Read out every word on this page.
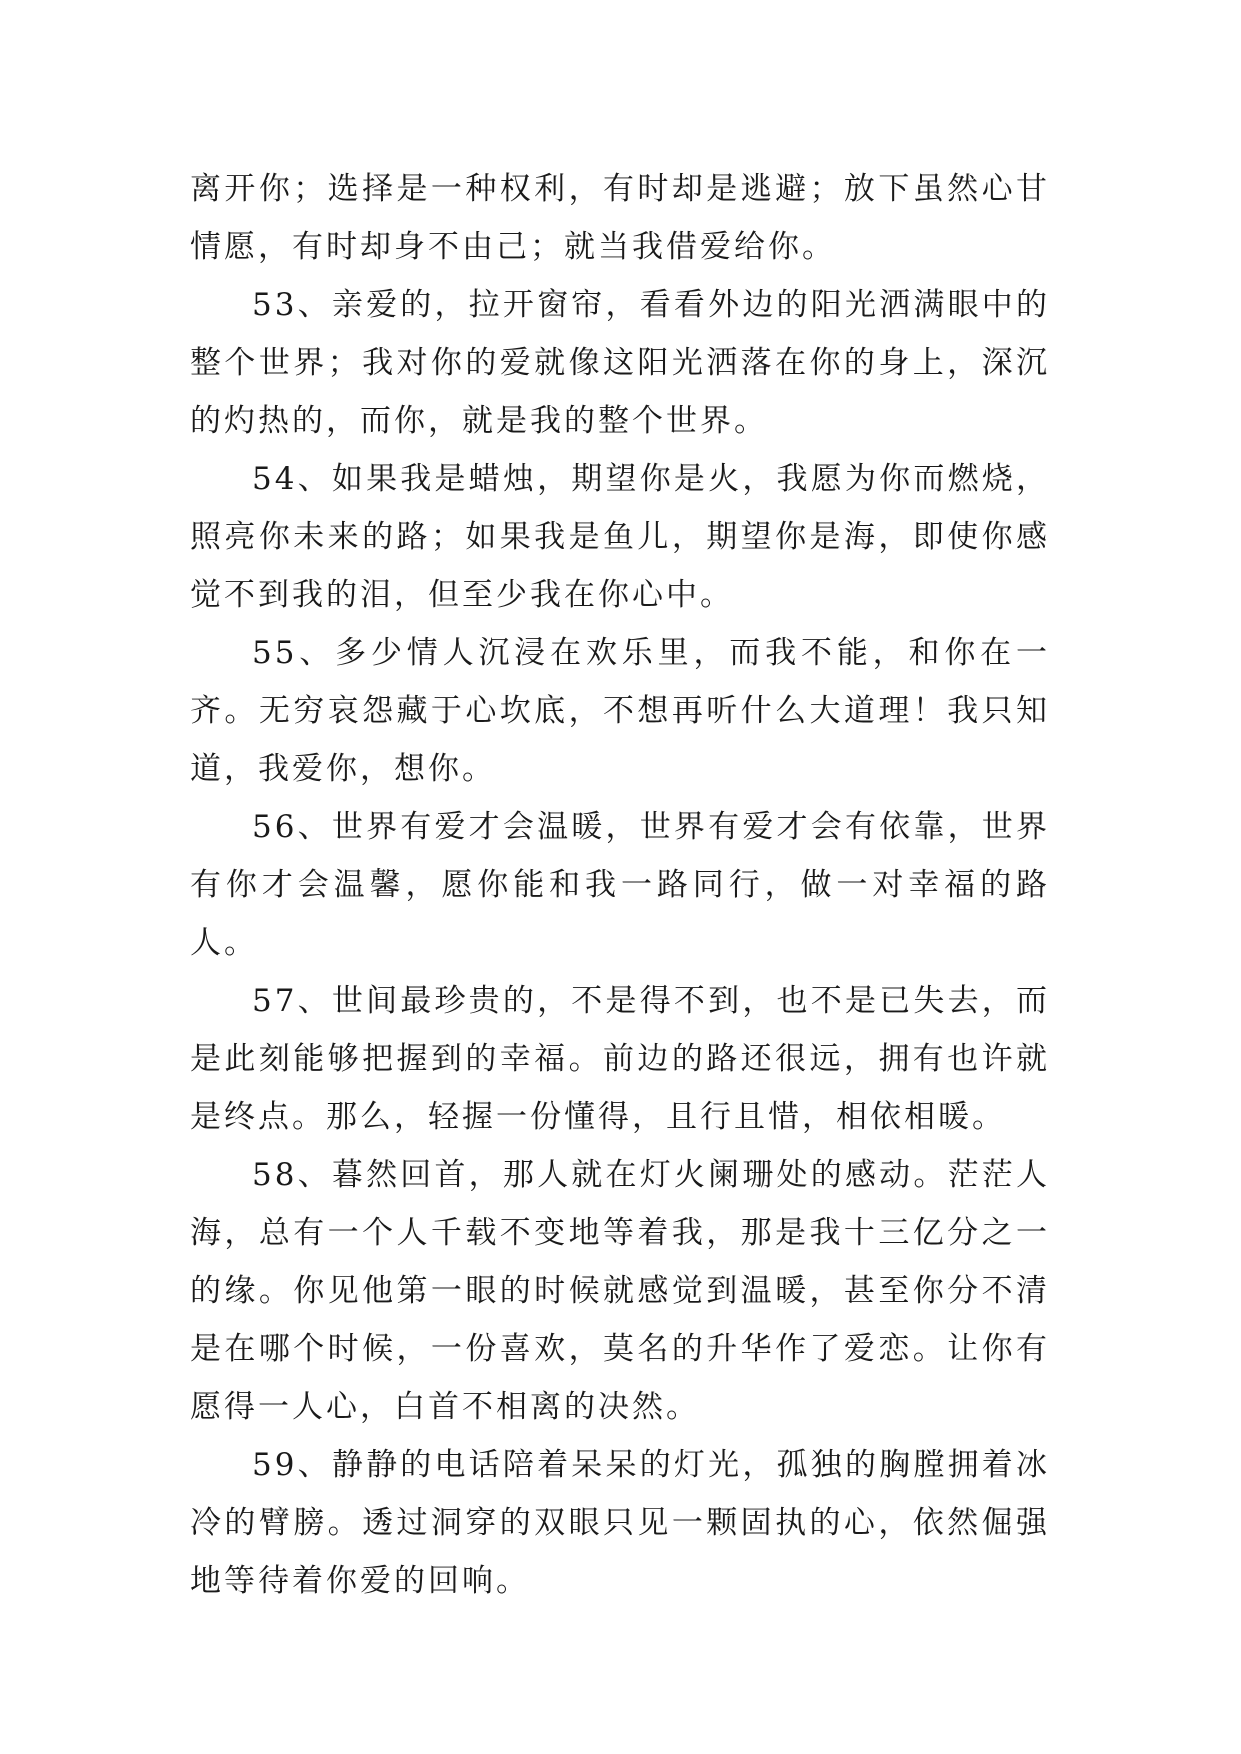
离开你；选择是一种权利，有时却是逃避；放下虽然心甘情愿，有时却身不由己；就当我借爱给你。

53、亲爱的，拉开窗帘，看看外边的阳光洒满眼中的整个世界；我对你的爱就像这阳光洒落在你的身上，深沉的灼热的，而你，就是我的整个世界。

54、如果我是蜡烛，期望你是火，我愿为你而燃烧，照亮你未来的路；如果我是鱼儿，期望你是海，即使你感觉不到我的泪，但至少我在你心中。

55、多少情人沉浸在欢乐里，而我不能，和你在一齐。无穷哀怨藏于心坎底，不想再听什么大道理！我只知道，我爱你，想你。

56、世界有爱才会温暖，世界有爱才会有依靠，世界有你才会温馨，愿你能和我一路同行，做一对幸福的路人。

57、世间最珍贵的，不是得不到，也不是已失去，而是此刻能够把握到的幸福。前边的路还很远，拥有也许就是终点。那么，轻握一份懂得，且行且惜，相依相暖。

58、暮然回首，那人就在灯火阑珊处的感动。茫茫人海，总有一个人千载不变地等着我，那是我十三亿分之一的缘。你见他第一眼的时候就感觉到温暖，甚至你分不清是在哪个时候，一份喜欢，莫名的升华作了爱恋。让你有愿得一人心，白首不相离的决然。

59、静静的电话陪着呆呆的灯光，孤独的胸膛拥着冰冷的臂膀。透过洞穿的双眼只见一颗固执的心，依然倔强地等待着你爱的回响。
